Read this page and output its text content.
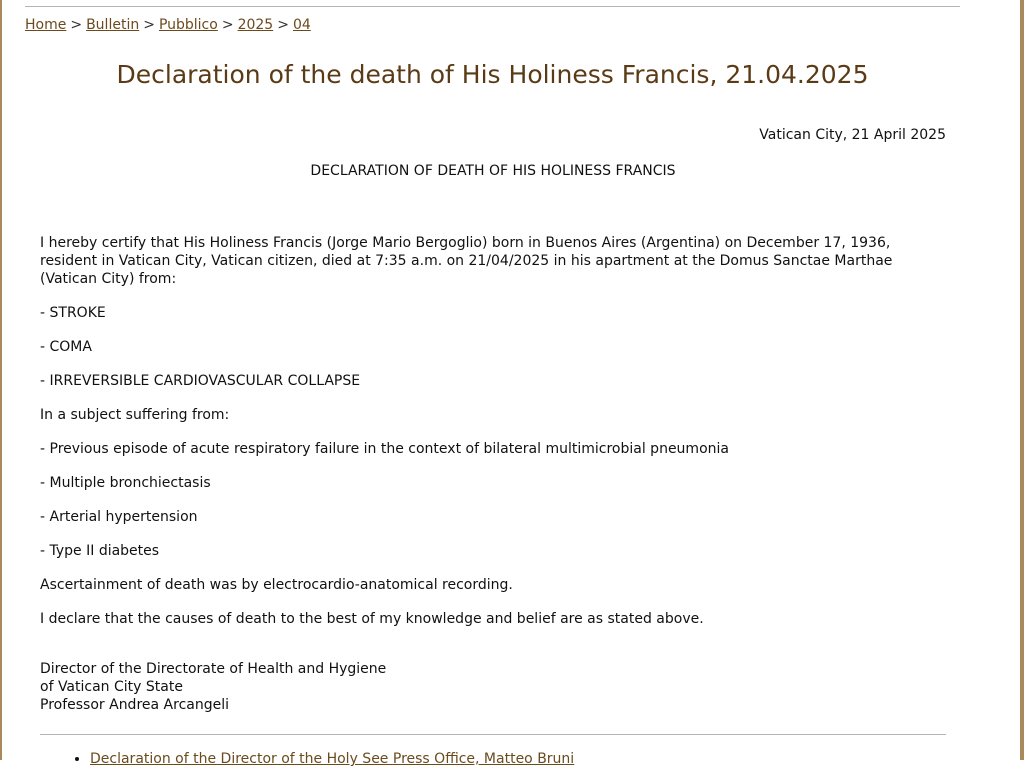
Home > Bulletin > Pubblico > 2025 > 04
Declaration of the death of His Holiness Francis, 21.04.2025
Vatican City, 21 April 2025
DECLARATION OF DEATH OF HIS HOLINESS FRANCIS

I hereby certify that His Holiness Francis (Jorge Mario Bergoglio) born in Buenos Aires (Argentina) on December 17, 1936, resident in Vatican City, Vatican citizen, died at 7:35 a.m. on 21/04/2025 in his apartment at the Domus Sanctae Marthae (Vatican City) from:

- STROKE

- COMA

- IRREVERSIBLE CARDIOVASCULAR COLLAPSE

In a subject suffering from:

- Previous episode of acute respiratory failure in the context of bilateral multimicrobial pneumonia

- Multiple bronchiectasis

- Arterial hypertension

- Type II diabetes

Ascertainment of death was by electrocardio-anatomical recording.

I declare that the causes of death to the best of my knowledge and belief are as stated above.

Director of the Directorate of Health and Hygiene
of Vatican City State
Professor Andrea Arcangeli
• Declaration of the Director of the Holy See Press Office, Matteo Bruni
